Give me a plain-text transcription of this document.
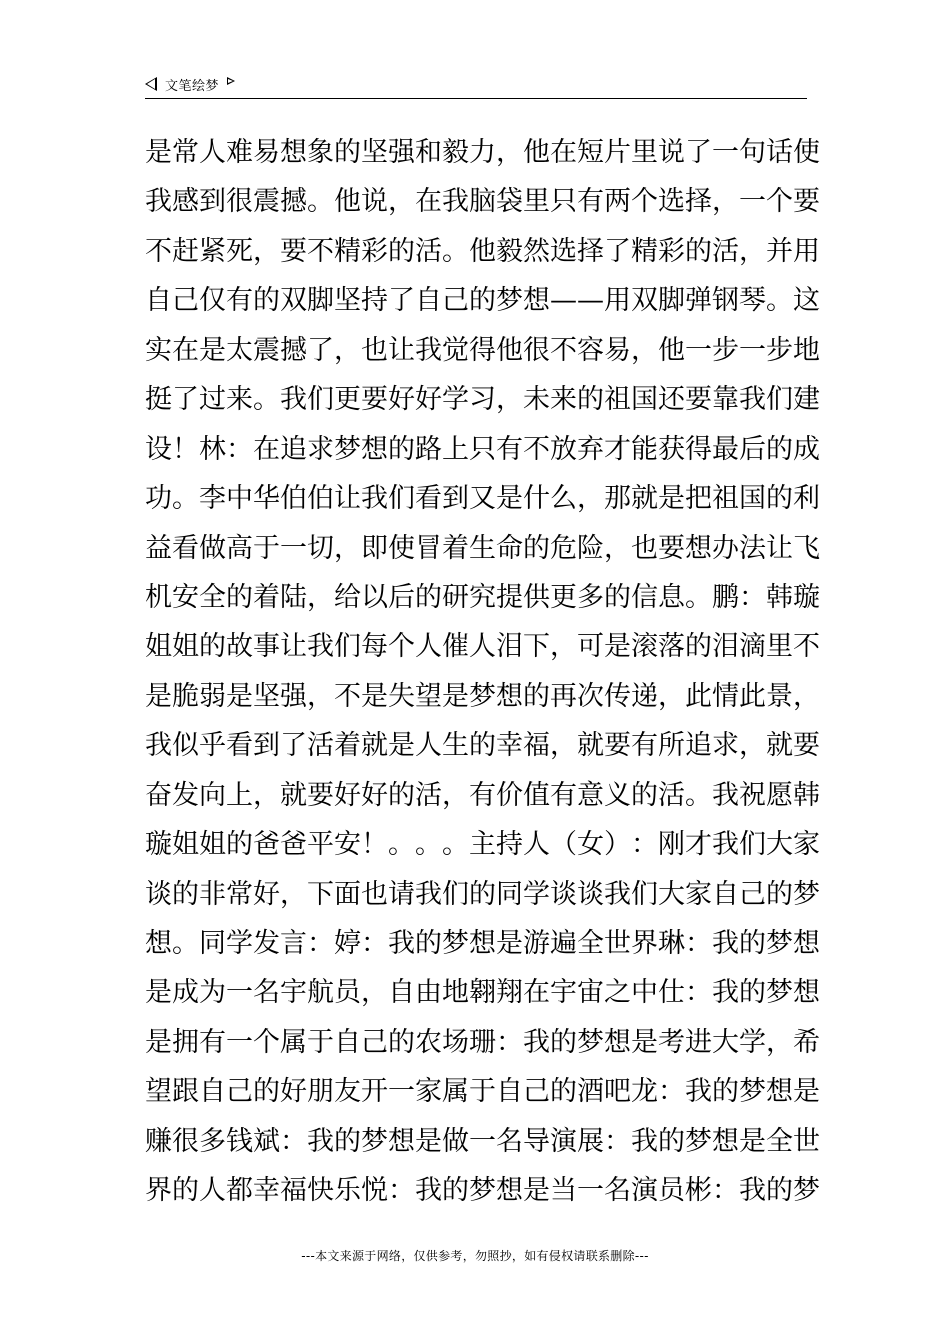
文笔绘梦
是 常 人 难 易 想 象 的 坚 强 和 毅 力 ， 他 在 短 片 里 说 了 一 句 话 使
我 感 到 很 震 撼 。 他 说 ， 在 我 脑 袋 里 只 有 两 个 选 择 ， 一 个 要
不 赶 紧 死 ， 要 不 精 彩 的 活 。 他 毅 然 选 择 了 精 彩 的 活 ， 并 用
自 己 仅 有 的 双 脚 坚 持 了 自 己 的 梦 想 — — 用 双 脚 弹 钢 琴 。 这
实 在 是 太 震 撼 了 ， 也 让 我 觉 得 他 很 不 容 易 ， 他 一 步 一 步 地
挺 了 过 来 。 我 们 更 要 好 好 学 习 ， 未 来 的 祖 国 还 要 靠 我 们 建
设 ！ 林 ： 在 追 求 梦 想 的 路 上 只 有 不 放 弃 才 能 获 得 最 后 的 成
功 。 李 中 华 伯 伯 让 我 们 看 到 又 是 什 么 ， 那 就 是 把 祖 国 的 利
益 看 做 高 于 一 切 ， 即 使 冒 着 生 命 的 危 险 ， 也 要 想 办 法 让 飞
机 安 全 的 着 陆 ， 给 以 后 的 研 究 提 供 更 多 的 信 息 。 鹏 ： 韩 璇
姐 姐 的 故 事 让 我 们 每 个 人 催 人 泪 下 ， 可 是 滚 落 的 泪 滴 里 不
是 脆 弱 是 坚 强 ， 不 是 失 望 是 梦 想 的 再 次 传 递 ， 此 情 此 景 ，
我 似 乎 看 到 了 活 着 就 是 人 生 的 幸 福 ， 就 要 有 所 追 求 ， 就 要
奋 发 向 上 ， 就 要 好 好 的 活 ， 有 价 值 有 意 义 的 活 。 我 祝 愿 韩
璇 姐 姐 的 爸 爸 平 安 ！ 。 。 。 主 持 人 （ 女 ） ： 刚 才 我 们 大 家
谈 的 非 常 好 ， 下 面 也 请 我 们 的 同 学 谈 谈 我 们 大 家 自 己 的 梦
想 。 同 学 发 言 ： 婷 ： 我 的 梦 想 是 游 遍 全 世 界 琳 ： 我 的 梦 想
是 成 为 一 名 宇 航 员 ， 自 由 地 翱 翔 在 宇 宙 之 中 仕 ： 我 的 梦 想
是 拥 有 一 个 属 于 自 己 的 农 场 珊 ： 我 的 梦 想 是 考 进 大 学 ， 希
望 跟 自 己 的 好 朋 友 开 一 家 属 于 自 己 的 酒 吧 龙 ： 我 的 梦 想 是
赚 很 多 钱 斌 ： 我 的 梦 想 是 做 一 名 导 演 展 ： 我 的 梦 想 是 全 世
界 的 人 都 幸 福 快 乐 悦 ： 我 的 梦 想 是 当 一 名 演 员 彬 ： 我 的 梦
---本文来源于网络，仅供参考，勿照抄，如有侵权请联系删除---
